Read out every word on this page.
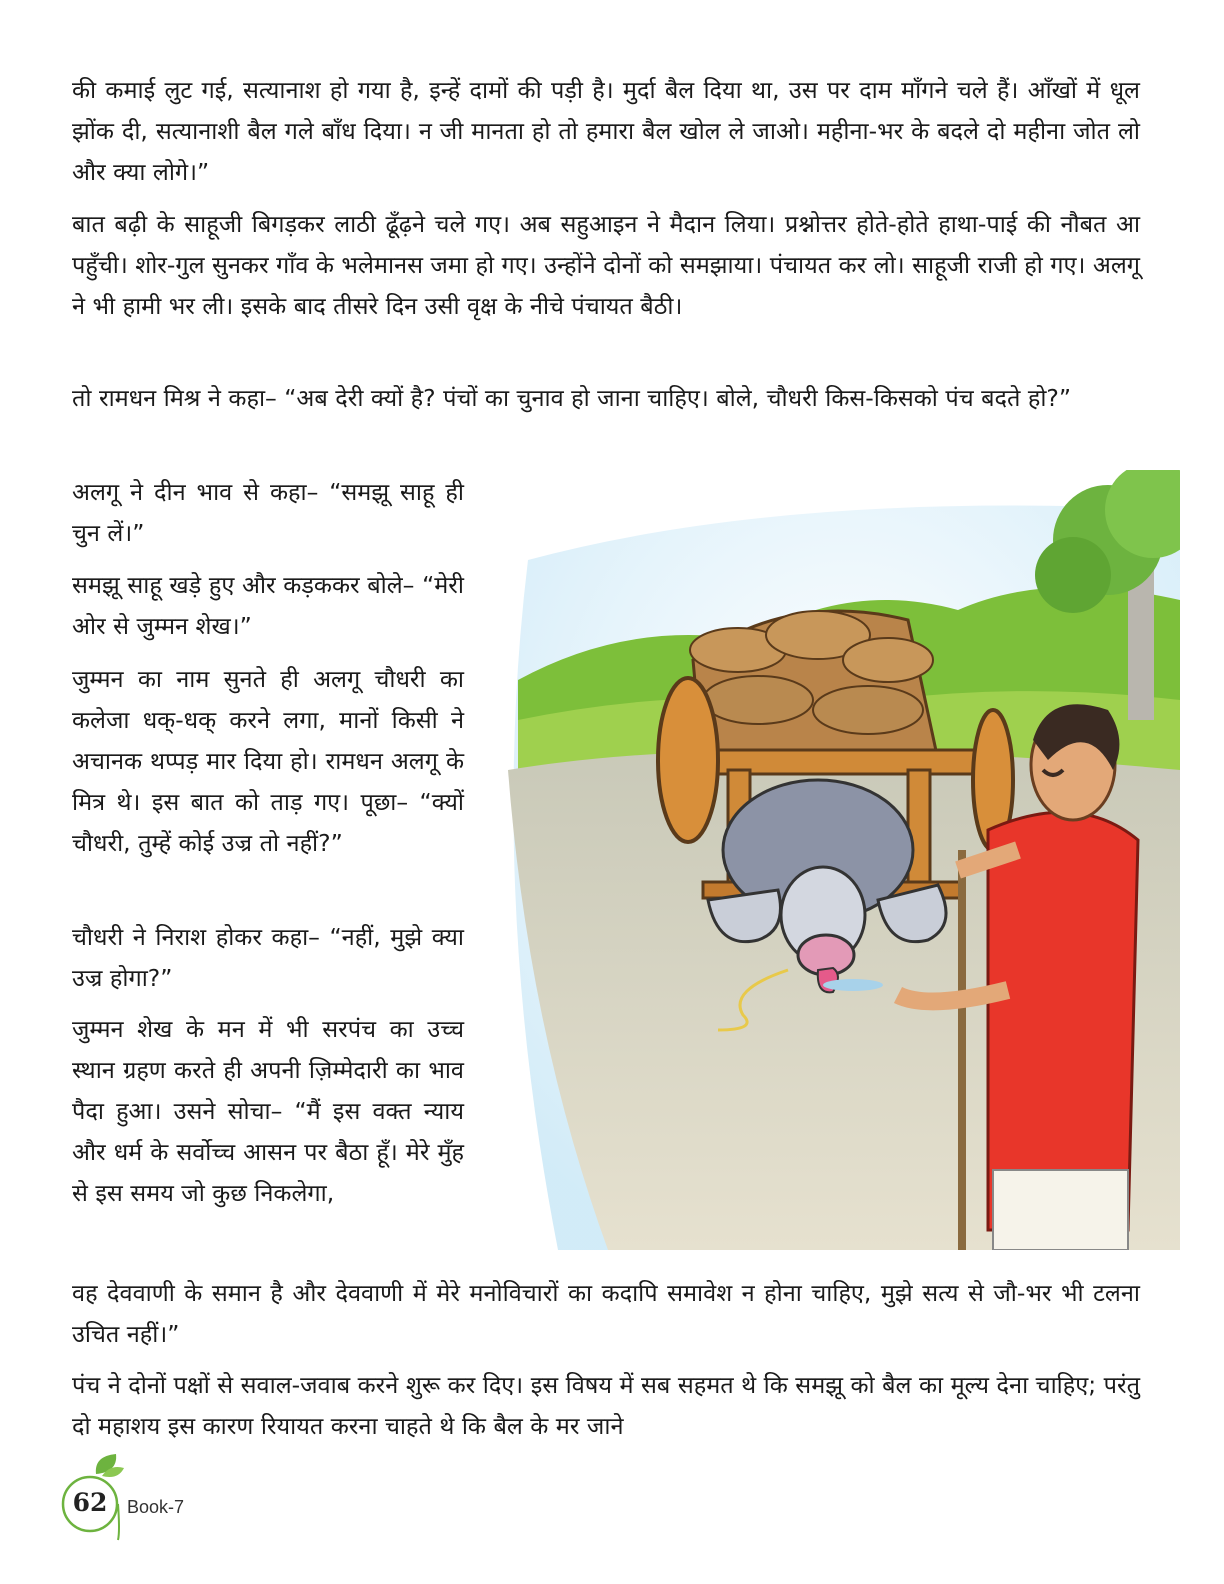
की कमाई लुट गई, सत्यानाश हो गया है, इन्हें दामों की पड़ी है। मुर्दा बैल दिया था, उस पर दाम माँगने चले हैं। आँखों में धूल झोंक दी, सत्यानाशी बैल गले बाँध दिया। न जी मानता हो तो हमारा बैल खोल ले जाओ। महीना-भर के बदले दो महीना जोत लो और क्या लोगे।”

बात बढ़ी के साहूजी बिगड़कर लाठी ढूँढ़ने चले गए। अब सहुआइन ने मैदान लिया। प्रश्नोत्तर होते-होते हाथा-पाई की नौबत आ पहुँची। शोर-गुल सुनकर गाँव के भलेमानस जमा हो गए। उन्होंने दोनों को समझाया। पंचायत कर लो। साहूजी राजी हो गए। अलगू ने भी हामी भर ली। इसके बाद तीसरे दिन उसी वृक्ष के नीचे पंचायत बैठी।

तो रामधन मिश्र ने कहा– “अब देरी क्यों है? पंचों का चुनाव हो जाना चाहिए। बोले, चौधरी किस-किसको पंच बदते हो?”

अलगू ने दीन भाव से कहा– “समझू साहू ही चुन लें।”

समझू साहू खड़े हुए और कड़ककर बोले– “मेरी ओर से जुम्मन शेख।”

जुम्मन का नाम सुनते ही अलगू चौधरी का कलेजा धक्-धक् करने लगा, मानों किसी ने अचानक थप्पड़ मार दिया हो। रामधन अलगू के मित्र थे। इस बात को ताड़ गए। पूछा– “क्यों चौधरी, तुम्हें कोई उज्र तो नहीं?”

चौधरी ने निराश होकर कहा– “नहीं, मुझे क्या उज्र होगा?”

जुम्मन शेख के मन में भी सरपंच का उच्च स्थान ग्रहण करते ही अपनी ज़िम्मेदारी का भाव पैदा हुआ। उसने सोचा– “मैं इस वक्त न्याय और धर्म के सर्वोच्च आसन पर बैठा हूँ। मेरे मुँह से इस समय जो कुछ निकलेगा,

वह देववाणी के समान है और देववाणी में मेरे मनोविचारों का कदापि समावेश न होना चाहिए, मुझे सत्य से जौ-भर भी टलना उचित नहीं।”

पंच ने दोनों पक्षों से सवाल-जवाब करने शुरू कर दिए। इस विषय में सब सहमत थे कि समझू को बैल का मूल्य देना चाहिए; परंतु दो महाशय इस कारण रियायत करना चाहते थे कि बैल के मर जाने

62	Book-7
